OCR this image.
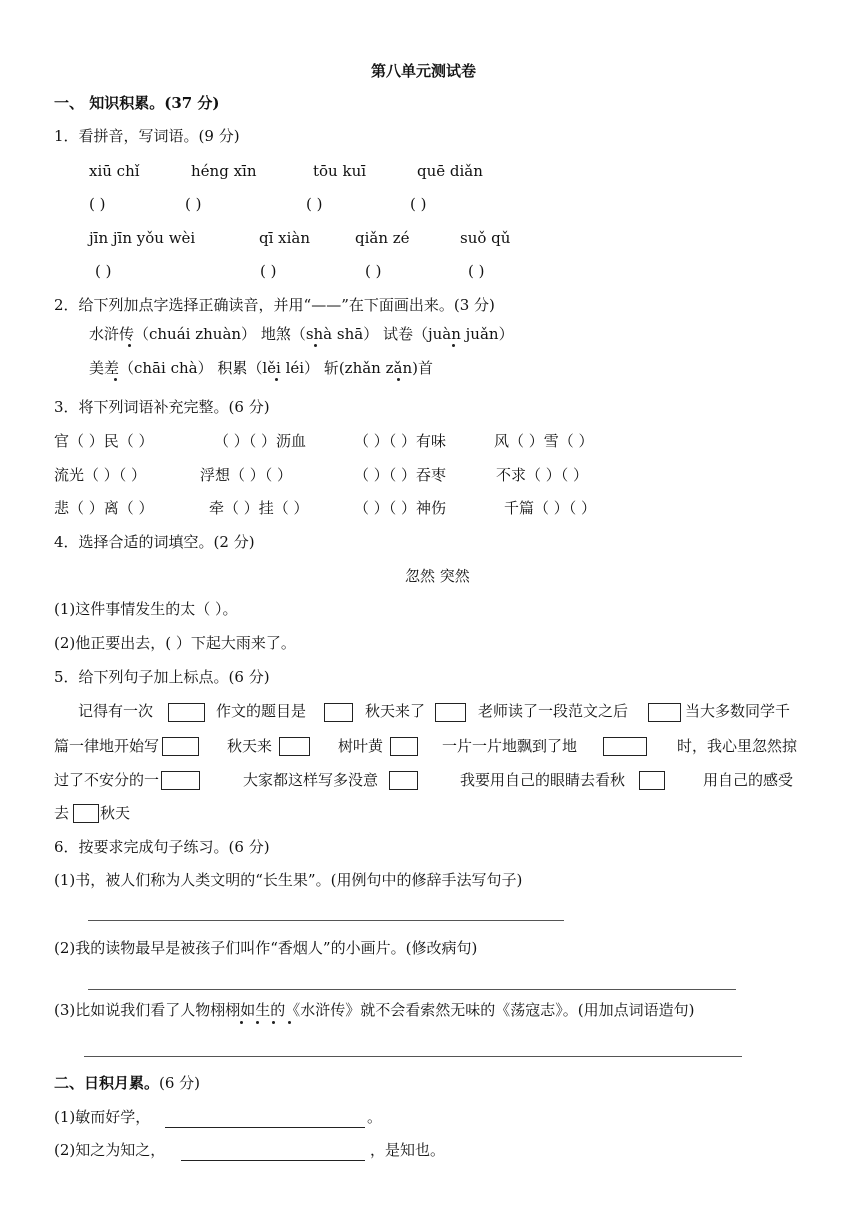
第八单元测试卷
一、 知识积累。(37 分)
1．看拼音，写词语。(9 分)
xiū chǐ	héng xīn	tōu kuī	quē diǎn
( )	( )	( )	( )
jīn jīn yǒu wèi	qī xiàn	qiǎn zé	suǒ qǔ
( )	( )	( )	( )
2．给下列加点字选择正确读音，并用“——”在下面画出来。(3 分)
水浒传（chuái zhuàn） 地煞（shà shā） 试卷（juàn juǎn）
美差（chāi chà） 积累（lěi léi） 斩(zhǎn zǎn)首
3．将下列词语补充完整。(6 分)
官（ ）民（ ）	（ ）（ ）沥血	（ ）（ ）有味	风（ ）雪（ ）
流光（ ）（ ）	浮想（ ）（ ）	（ ）（ ）吞枣	不求（ ）（ ）
悲（ ）离（ ）	牵（ ）挂（ ）	（ ）（ ）神伤	千篇（ ）（ ）
4．选择合适的词填空。(2 分)
忽然 突然
(1)这件事情发生的太（ ）。
(2)他正要出去，( ）下起大雨来了。
5．给下列句子加上标点。(6 分)
记得有一次	作文的题目是	秋天来了	老师读了一段范文之后	当大多数同学千
篇一律地开始写	秋天来	树叶黄	一片一片地飘到了地	时，我心里忽然掠
过了不安分的一	大家都这样写多没意	我要用自己的眼睛去看秋	用自己的感受
去 秋天
6．按要求完成句子练习。(6 分)
(1)书，被人们称为人类文明的“长生果”。(用例句中的修辞手法写句子)
(2)我的读物最早是被孩子们叫作“香烟人”的小画片。(修改病句)
(3)比如说我们看了人物栩栩如生的《水浒传》就不会看索然无味的《荡寇志》。(用加点词语造句)
二、日积月累。(6 分)
(1)敏而好学，	。
(2)知之为知之，	，是知也。
